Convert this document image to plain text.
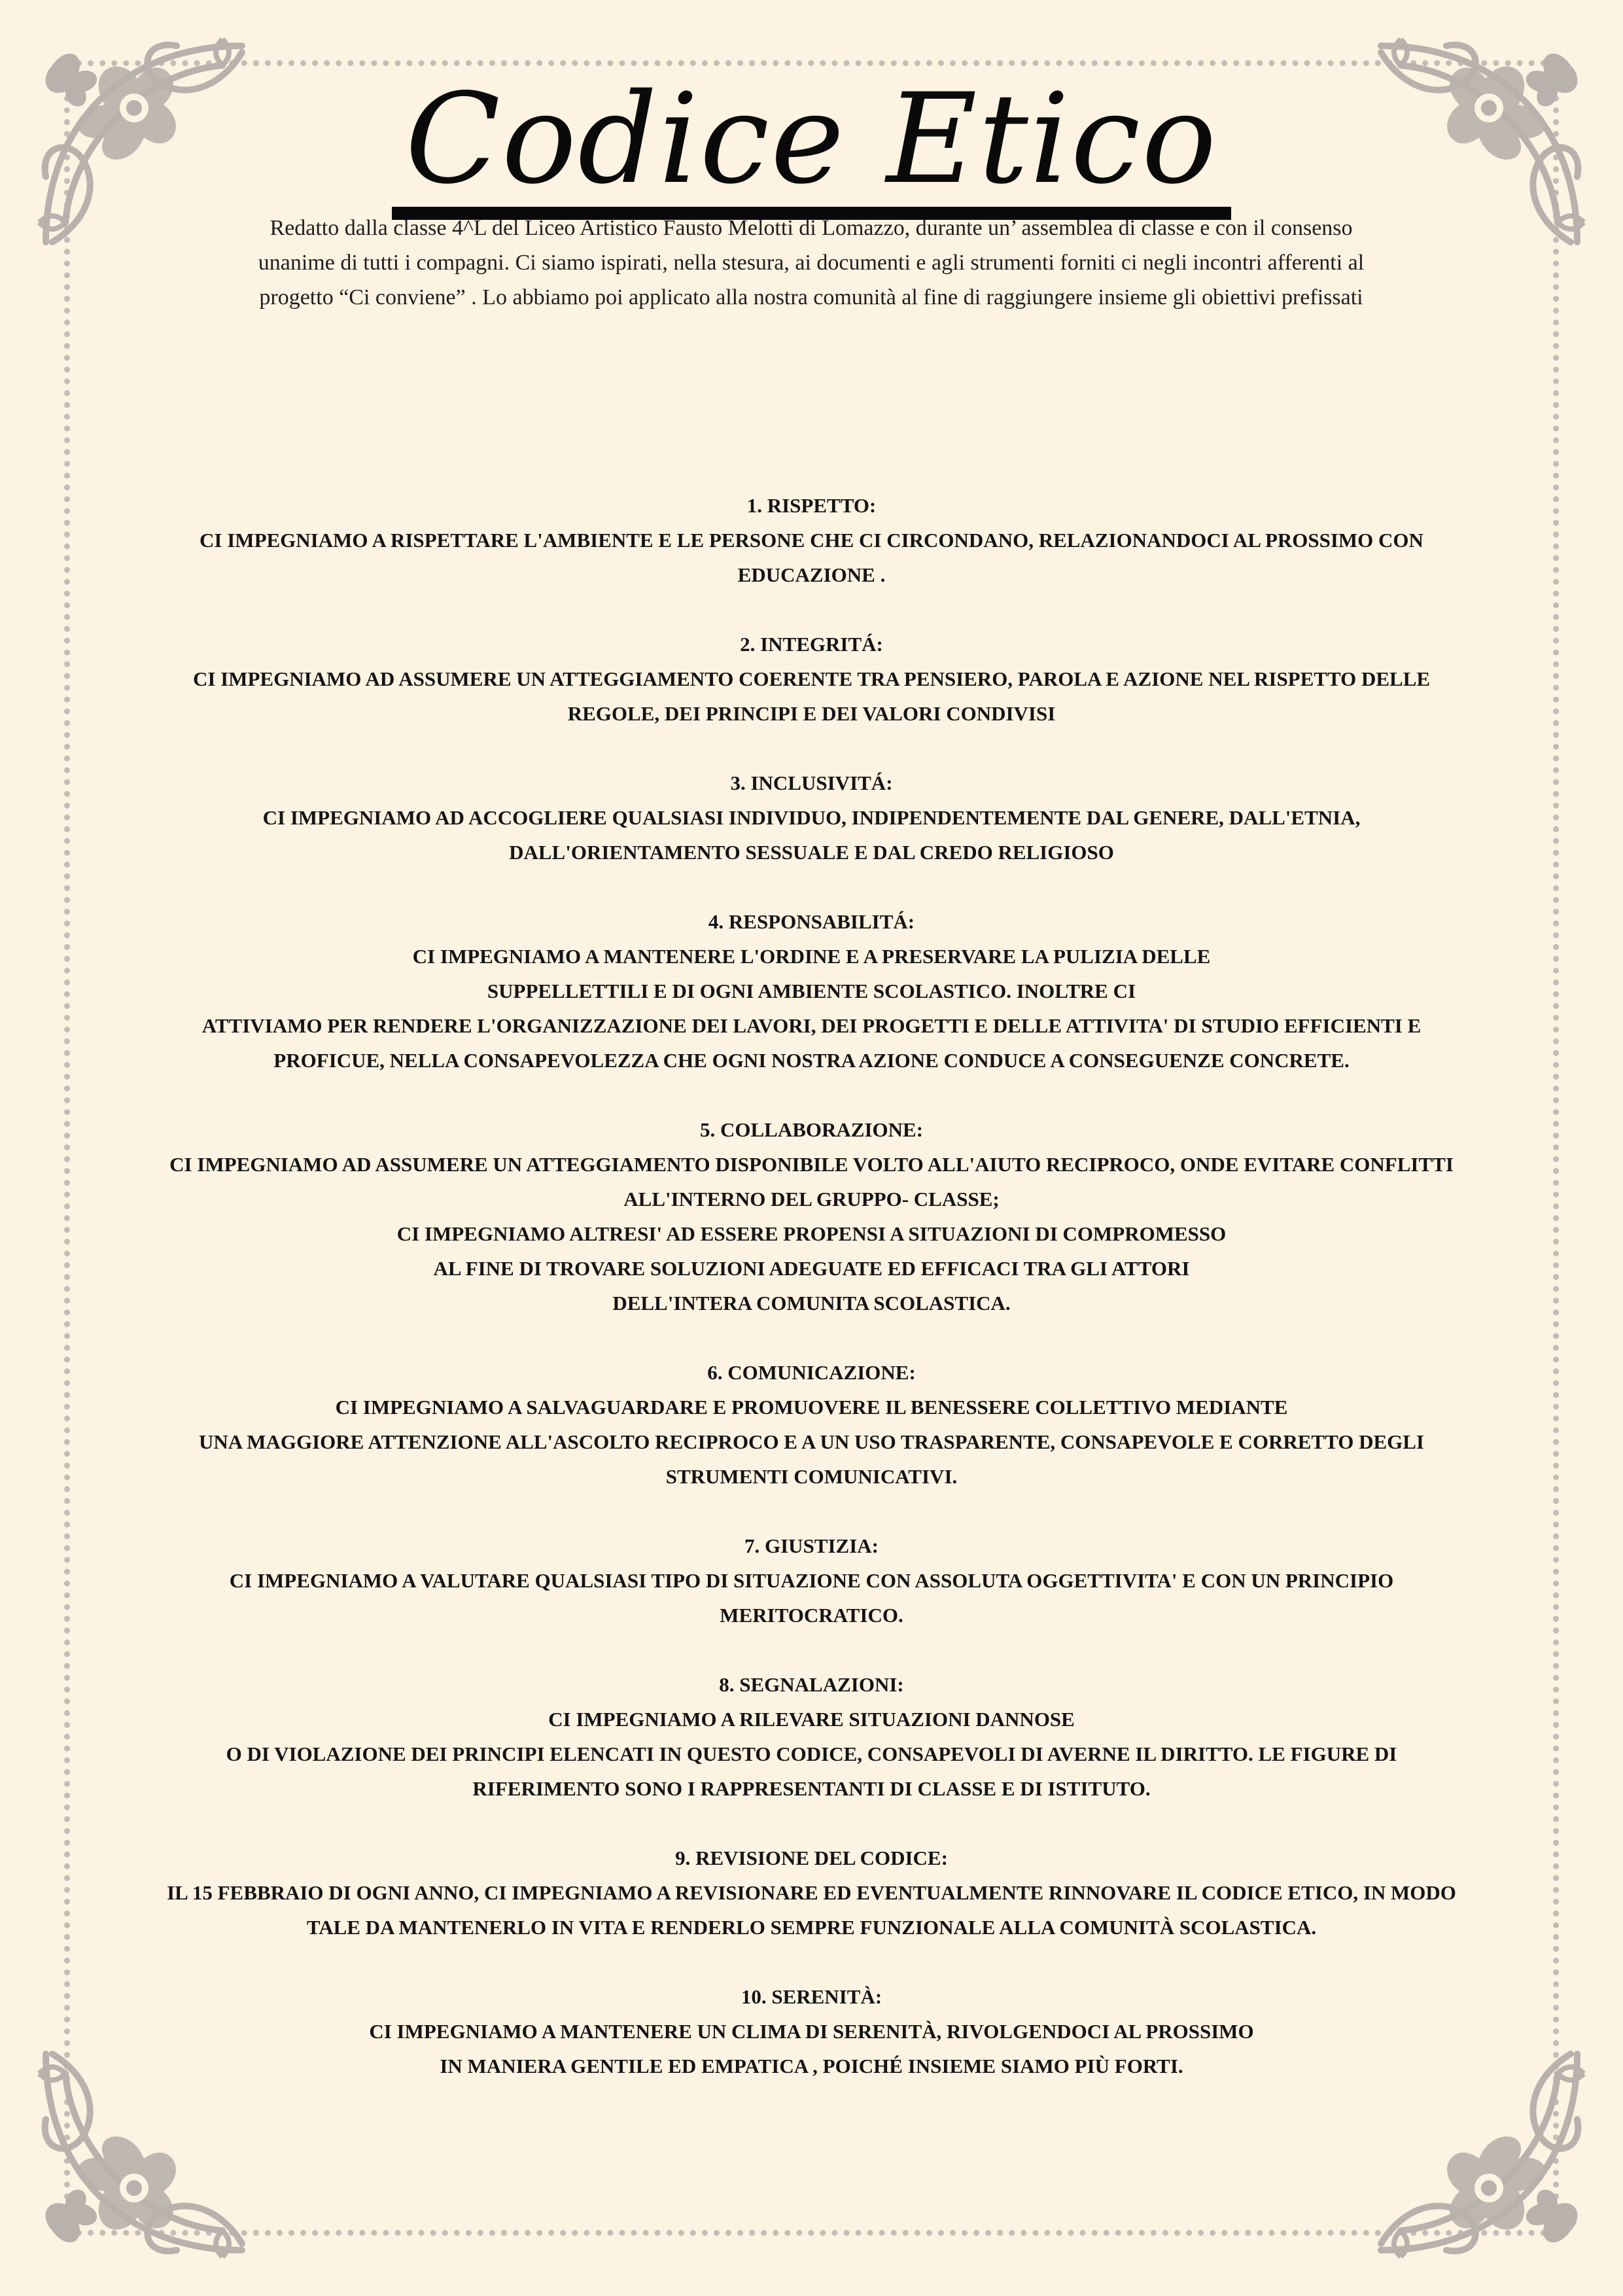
Codice Etico
Redatto dalla classe 4^L del Liceo Artistico Fausto Melotti di Lomazzo, durante un’ assemblea di classe e con il consenso unanime di tutti i compagni. Ci siamo ispirati, nella stesura, ai documenti e agli strumenti forniti ci negli incontri afferenti al progetto “Ci conviene” . Lo abbiamo poi applicato alla nostra comunità al fine di raggiungere insieme gli obiettivi prefissati
1. RISPETTO:
CI IMPEGNIAMO A RISPETTARE L'AMBIENTE E LE PERSONE CHE CI CIRCONDANO, RELAZIONANDOCI AL PROSSIMO CON
EDUCAZIONE .
2. INTEGRITÁ:
CI IMPEGNIAMO AD ASSUMERE UN ATTEGGIAMENTO COERENTE TRA PENSIERO, PAROLA E AZIONE NEL RISPETTO DELLE
REGOLE, DEI PRINCIPI E DEI VALORI CONDIVISI
3. INCLUSIVITÁ:
CI IMPEGNIAMO AD ACCOGLIERE QUALSIASI INDIVIDUO, INDIPENDENTEMENTE DAL GENERE, DALL'ETNIA,
DALL'ORIENTAMENTO SESSUALE E DAL CREDO RELIGIOSO
4. RESPONSABILITÁ:
CI IMPEGNIAMO A MANTENERE L'ORDINE E A PRESERVARE LA PULIZIA DELLE
SUPPELLETTILI E DI OGNI AMBIENTE SCOLASTICO. INOLTRE CI
ATTIVIAMO PER RENDERE L'ORGANIZZAZIONE DEI LAVORI, DEI PROGETTI E DELLE ATTIVITA' DI STUDIO EFFICIENTI E
PROFICUE, NELLA CONSAPEVOLEZZA CHE OGNI NOSTRA AZIONE CONDUCE A CONSEGUENZE CONCRETE.
5. COLLABORAZIONE:
CI IMPEGNIAMO AD ASSUMERE UN ATTEGGIAMENTO DISPONIBILE VOLTO ALL'AIUTO RECIPROCO, ONDE EVITARE CONFLITTI
ALL'INTERNO DEL GRUPPO- CLASSE;
CI IMPEGNIAMO ALTRESI' AD ESSERE PROPENSI A SITUAZIONI DI COMPROMESSO
AL FINE DI TROVARE SOLUZIONI ADEGUATE ED EFFICACI TRA GLI ATTORI
DELL'INTERA COMUNITA SCOLASTICA.
6. COMUNICAZIONE:
CI IMPEGNIAMO A SALVAGUARDARE E PROMUOVERE IL BENESSERE COLLETTIVO MEDIANTE
UNA MAGGIORE ATTENZIONE ALL'ASCOLTO RECIPROCO E A UN USO TRASPARENTE, CONSAPEVOLE E CORRETTO DEGLI
STRUMENTI COMUNICATIVI.
7. GIUSTIZIA:
CI IMPEGNIAMO A VALUTARE QUALSIASI TIPO DI SITUAZIONE CON ASSOLUTA OGGETTIVITA' E CON UN PRINCIPIO
MERITOCRATICO.
8. SEGNALAZIONI:
CI IMPEGNIAMO A RILEVARE SITUAZIONI DANNOSE
O DI VIOLAZIONE DEI PRINCIPI ELENCATI IN QUESTO CODICE, CONSAPEVOLI DI AVERNE IL DIRITTO. LE FIGURE DI
RIFERIMENTO SONO I RAPPRESENTANTI DI CLASSE E DI ISTITUTO.
9. REVISIONE DEL CODICE:
IL 15 FEBBRAIO DI OGNI ANNO, CI IMPEGNIAMO A REVISIONARE ED EVENTUALMENTE RINNOVARE IL CODICE ETICO, IN MODO
TALE DA MANTENERLO IN VITA E RENDERLO SEMPRE FUNZIONALE ALLA COMUNITÀ SCOLASTICA.
10. SERENITÀ:
CI IMPEGNIAMO A MANTENERE UN CLIMA DI SERENITÀ, RIVOLGENDOCI AL PROSSIMO
IN MANIERA GENTILE ED EMPATICA , POICHÉ INSIEME SIAMO PIÙ FORTI.
